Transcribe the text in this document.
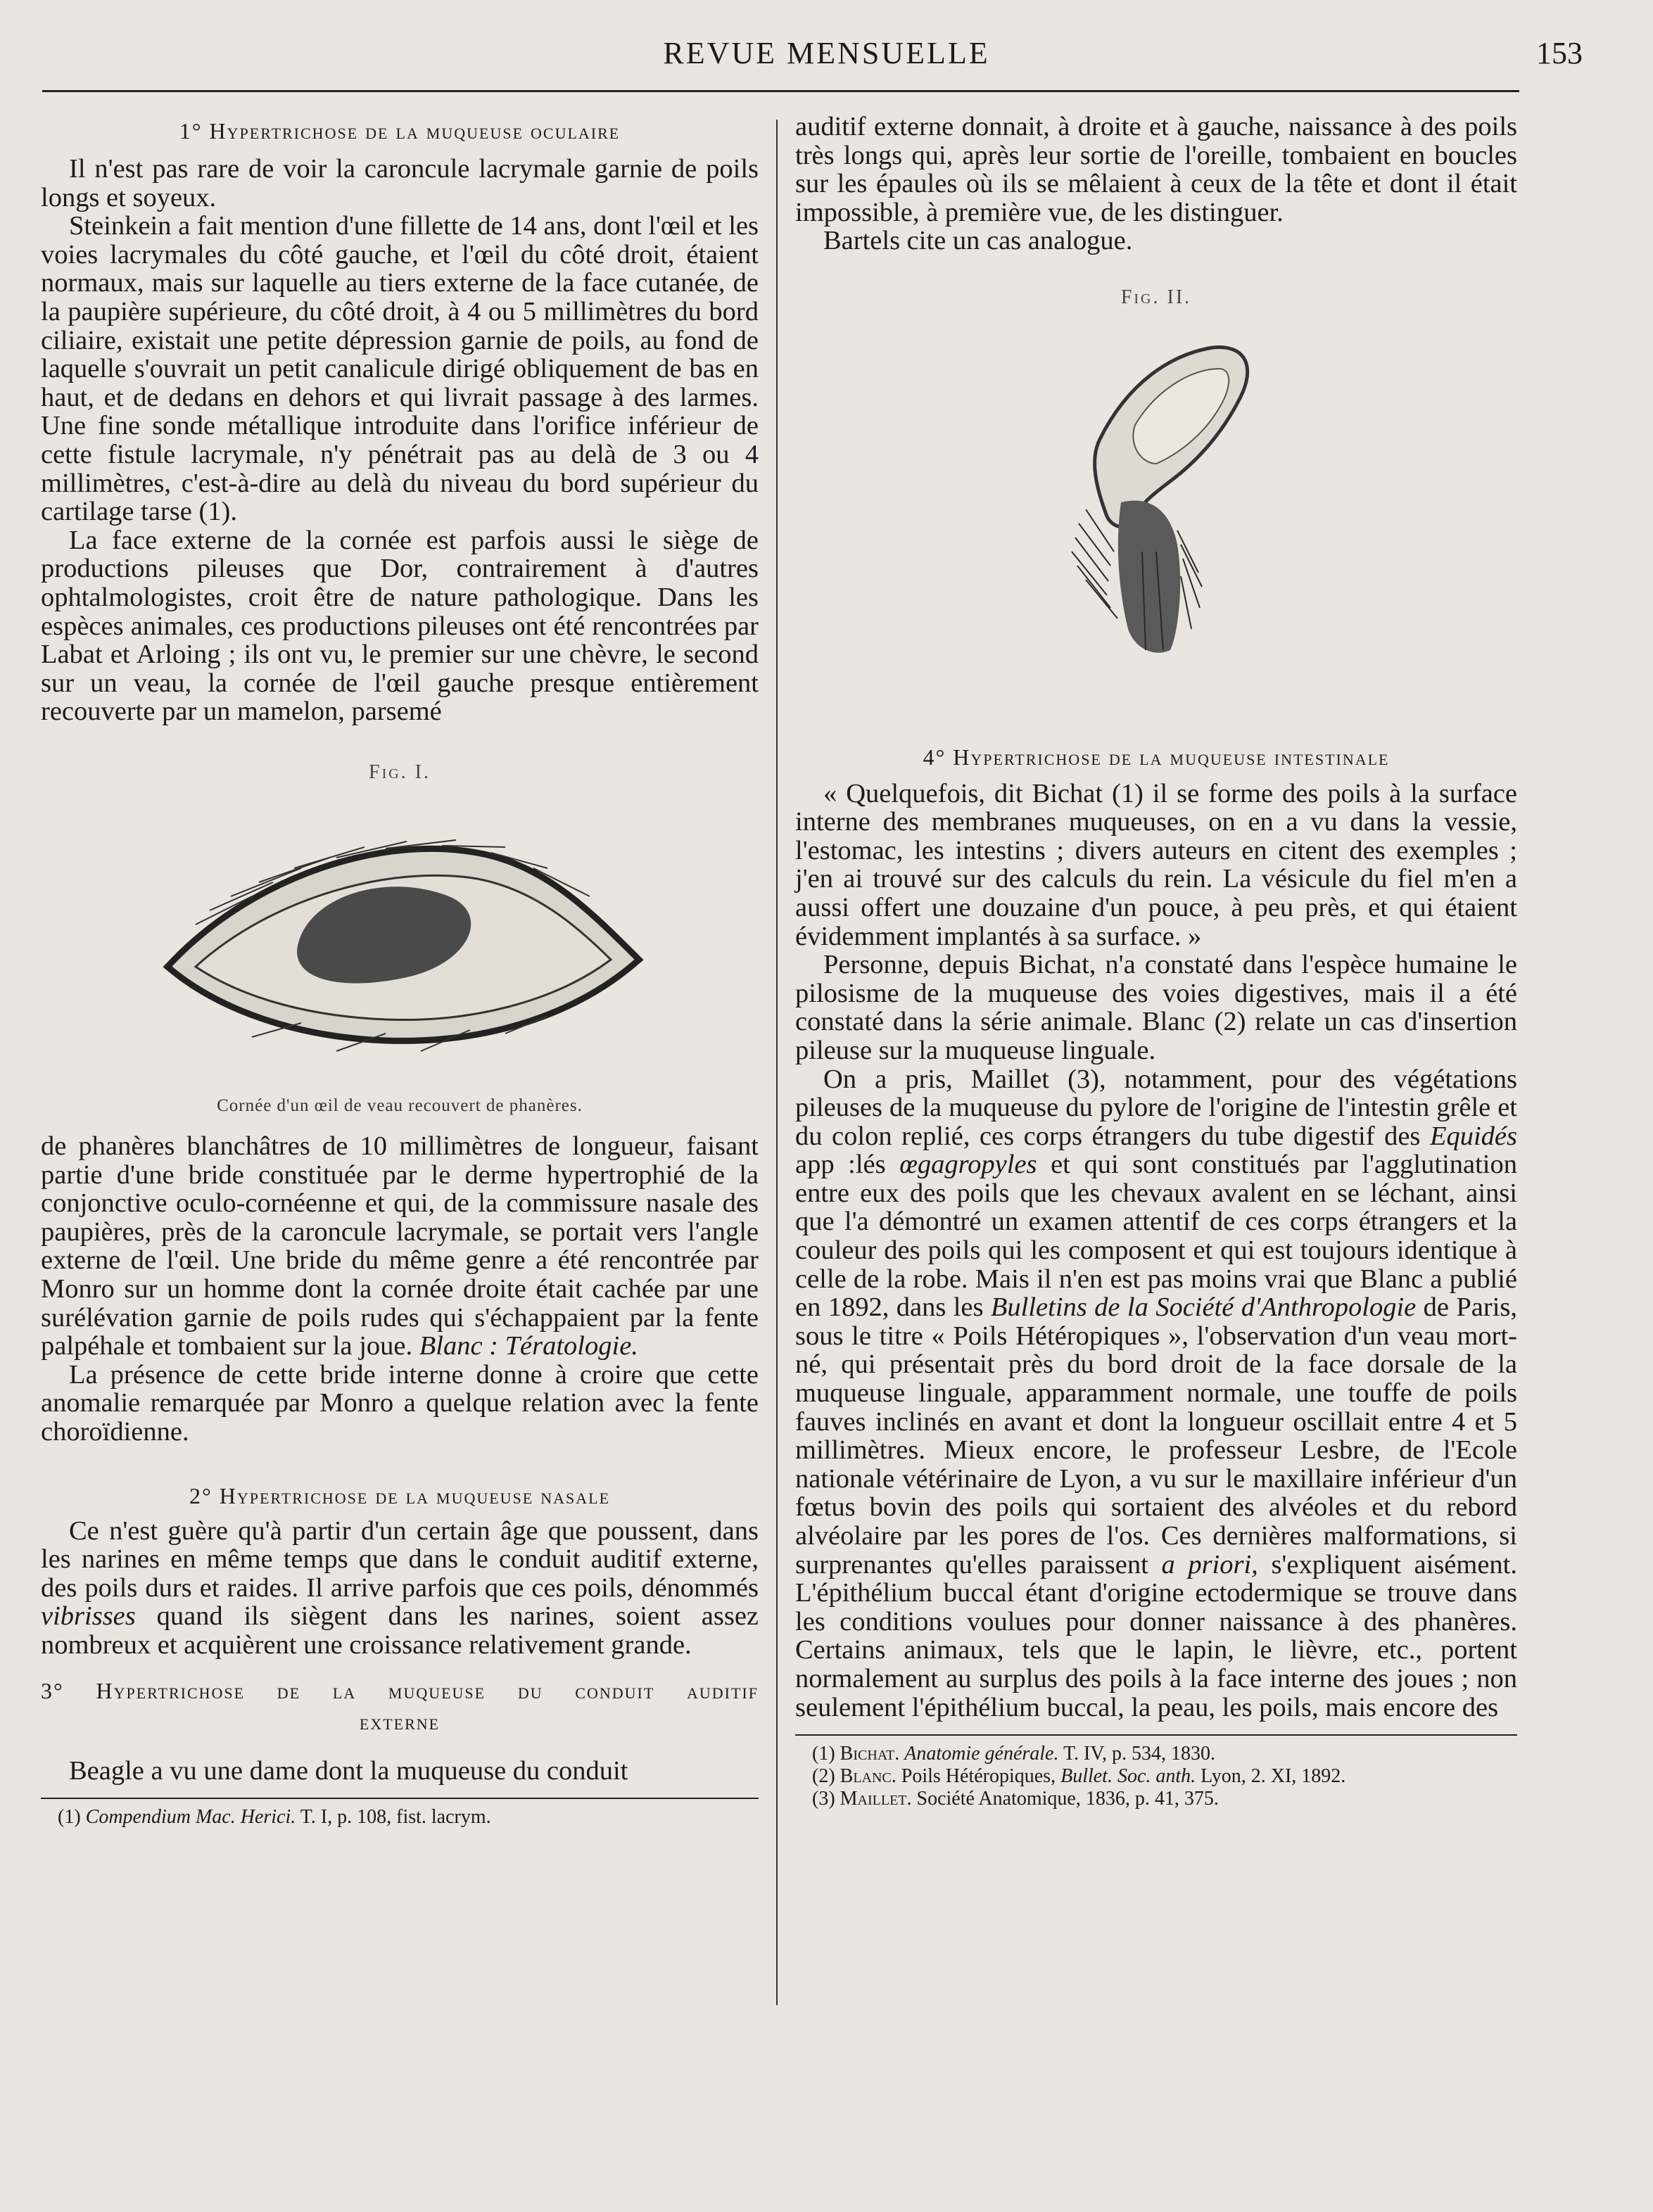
REVUE MENSUELLE	153
1° Hypertrichose de la muqueuse oculaire

Il n'est pas rare de voir la caroncule lacrymale garnie de poils longs et soyeux.

Steinkein a fait mention d'une fillette de 14 ans, dont l'œil et les voies lacrymales du côté gauche, et l'œil du côté droit, étaient normaux, mais sur laquelle au tiers externe de la face cutanée, de la paupière supérieure, du côté droit, à 4 ou 5 millimètres du bord ciliaire, existait une petite dépression garnie de poils, au fond de laquelle s'ouvrait un petit canalicule dirigé obliquement de bas en haut, et de dedans en dehors et qui livrait passage à des larmes. Une fine sonde métallique introduite dans l'orifice inférieur de cette fistule lacrymale, n'y pénétrait pas au delà de 3 ou 4 millimètres, c'est-à-dire au delà du niveau du bord supérieur du cartilage tarse (1).

La face externe de la cornée est parfois aussi le siège de productions pileuses que Dor, contrairement à d'autres ophtalmologistes, croit être de nature pathologique. Dans les espèces animales, ces productions pileuses ont été rencontrées par Labat et Arloing ; ils ont vu, le premier sur une chèvre, le second sur un veau, la cornée de l'œil gauche presque entièrement recouverte par un mamelon, parsemé

Fig. I.
Cornée d'un œil de veau recouvert de phanères.

de phanères blanchâtres de 10 millimètres de longueur, faisant partie d'une bride constituée par le derme hypertrophié de la conjonctive oculo-cornéenne et qui, de la commissure nasale des paupières, près de la caroncule lacrymale, se portait vers l'angle externe de l'œil. Une bride du même genre a été rencontrée par Monro sur un homme dont la cornée droite était cachée par une surélévation garnie de poils rudes qui s'échappaient par la fente palpéhale et tombaient sur la joue. Blanc : Tératologie.

La présence de cette bride interne donne à croire que cette anomalie remarquée par Monro a quelque relation avec la fente choroïdienne.

2° Hypertrichose de la muqueuse nasale

Ce n'est guère qu'à partir d'un certain âge que poussent, dans les narines en même temps que dans le conduit auditif externe, des poils durs et raides. Il arrive parfois que ces poils, dénommés vibrisses quand ils siègent dans les narines, soient assez nombreux et acquièrent une croissance relativement grande.

3° Hypertrichose de la muqueuse du conduit auditif
externe

Beagle a vu une dame dont la muqueuse du conduit

(1) Compendium Mac. Herici. T. I, p. 108, fist. lacrym.

auditif externe donnait, à droite et à gauche, naissance à des poils très longs qui, après leur sortie de l'oreille, tombaient en boucles sur les épaules où ils se mêlaient à ceux de la tête et dont il était impossible, à première vue, de les distinguer.

Bartels cite un cas analogue.

Fig. II.
4° Hypertrichose de la muqueuse intestinale

« Quelquefois, dit Bichat (1) il se forme des poils à la surface interne des membranes muqueuses, on en a vu dans la vessie, l'estomac, les intestins ; divers auteurs en citent des exemples ; j'en ai trouvé sur des calculs du rein. La vésicule du fiel m'en a aussi offert une douzaine d'un pouce, à peu près, et qui étaient évidemment implantés à sa surface. »

Personne, depuis Bichat, n'a constaté dans l'espèce humaine le pilosisme de la muqueuse des voies digestives, mais il a été constaté dans la série animale. Blanc (2) relate un cas d'insertion pileuse sur la muqueuse linguale.

On a pris, Maillet (3), notamment, pour des végétations pileuses de la muqueuse du pylore de l'origine de l'intestin grêle et du colon replié, ces corps étrangers du tube digestif des Equidés app :lés œgagropyles et qui sont constitués par l'agglutination entre eux des poils que les chevaux avalent en se léchant, ainsi que l'a démontré un examen attentif de ces corps étrangers et la couleur des poils qui les composent et qui est toujours identique à celle de la robe. Mais il n'en est pas moins vrai que Blanc a publié en 1892, dans les Bulletins de la Société d'Anthropologie de Paris, sous le titre « Poils Hétéropiques », l'observation d'un veau mort-né, qui présentait près du bord droit de la face dorsale de la muqueuse linguale, apparamment normale, une touffe de poils fauves inclinés en avant et dont la longueur oscillait entre 4 et 5 millimètres. Mieux encore, le professeur Lesbre, de l'Ecole nationale vétérinaire de Lyon, a vu sur le maxillaire inférieur d'un fœtus bovin des poils qui sortaient des alvéoles et du rebord alvéolaire par les pores de l'os. Ces dernières malformations, si surprenantes qu'elles paraissent a priori, s'expliquent aisément. L'épithélium buccal étant d'origine ectodermique se trouve dans les conditions voulues pour donner naissance à des phanères. Certains animaux, tels que le lapin, le lièvre, etc., portent normalement au surplus des poils à la face interne des joues ; non seulement l'épithélium buccal, la peau, les poils, mais encore des

(1) Bichat. Anatomie générale. T. IV, p. 534, 1830.
(2) Blanc. Poils Hétéropiques, Bullet. Soc. anth. Lyon, 2. XI, 1892.
(3) Maillet. Société Anatomique, 1836, p. 41, 375.
